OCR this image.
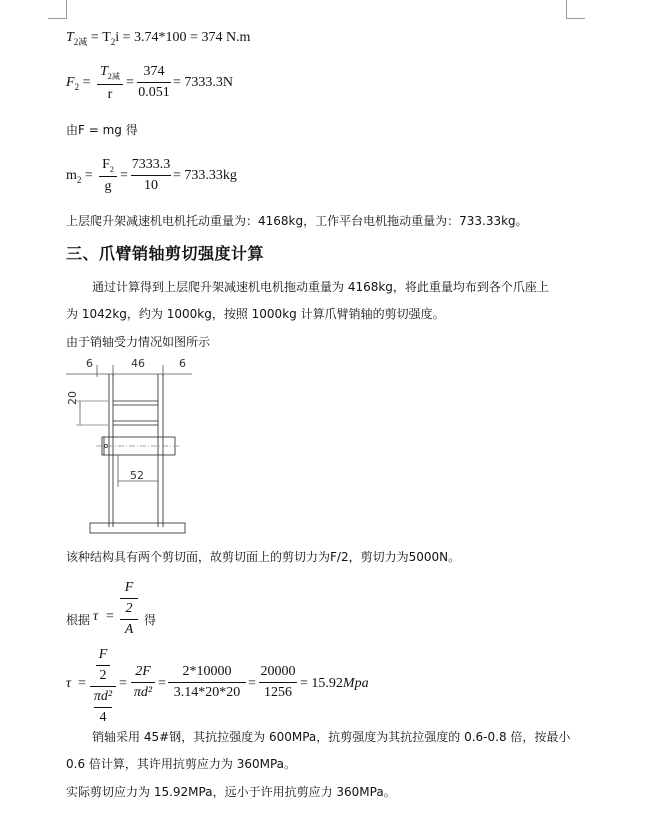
$T_{2减} = T_2i = 3.74*100 = 374$ N.m
$F_2$ =
$T_{2减}$
r
=
374
0.051
= 7333.3N
由F = mg 得
$m_2$ =
$F_2$
g
=
7333.3
10
= 733.33kg
上层爬升架减速机电机托动重量为：4168kg，工作平台电机拖动重量为：733.33kg。
三、爪臂销轴剪切强度计算
通过计算得到上层爬升架减速机电机拖动重量为 4168kg，将此重量均布到各个爪座上
为 1042kg，约为 1000kg，按照 1000kg 计算爪臂销轴的剪切强度。
由于销轴受力情况如图所示
6	46	6
20
52
该种结构具有两个剪切面，故剪切面上的剪切力为F/2，剪切力为5000N。
根据 τ =
F
2
A
得
τ =
F
2
πd²
4
=
2F
πd²
=
2*10000
3.14*20*20
=
20000
1256
= 15.92Mpa
销轴采用 45#钢，其抗拉强度为 600MPa，抗剪强度为其抗拉强度的 0.6-0.8 倍，按最小
0.6 倍计算，其许用抗剪应力为 360MPa。
实际剪切应力为 15.92MPa，远小于许用抗剪应力 360MPa。
